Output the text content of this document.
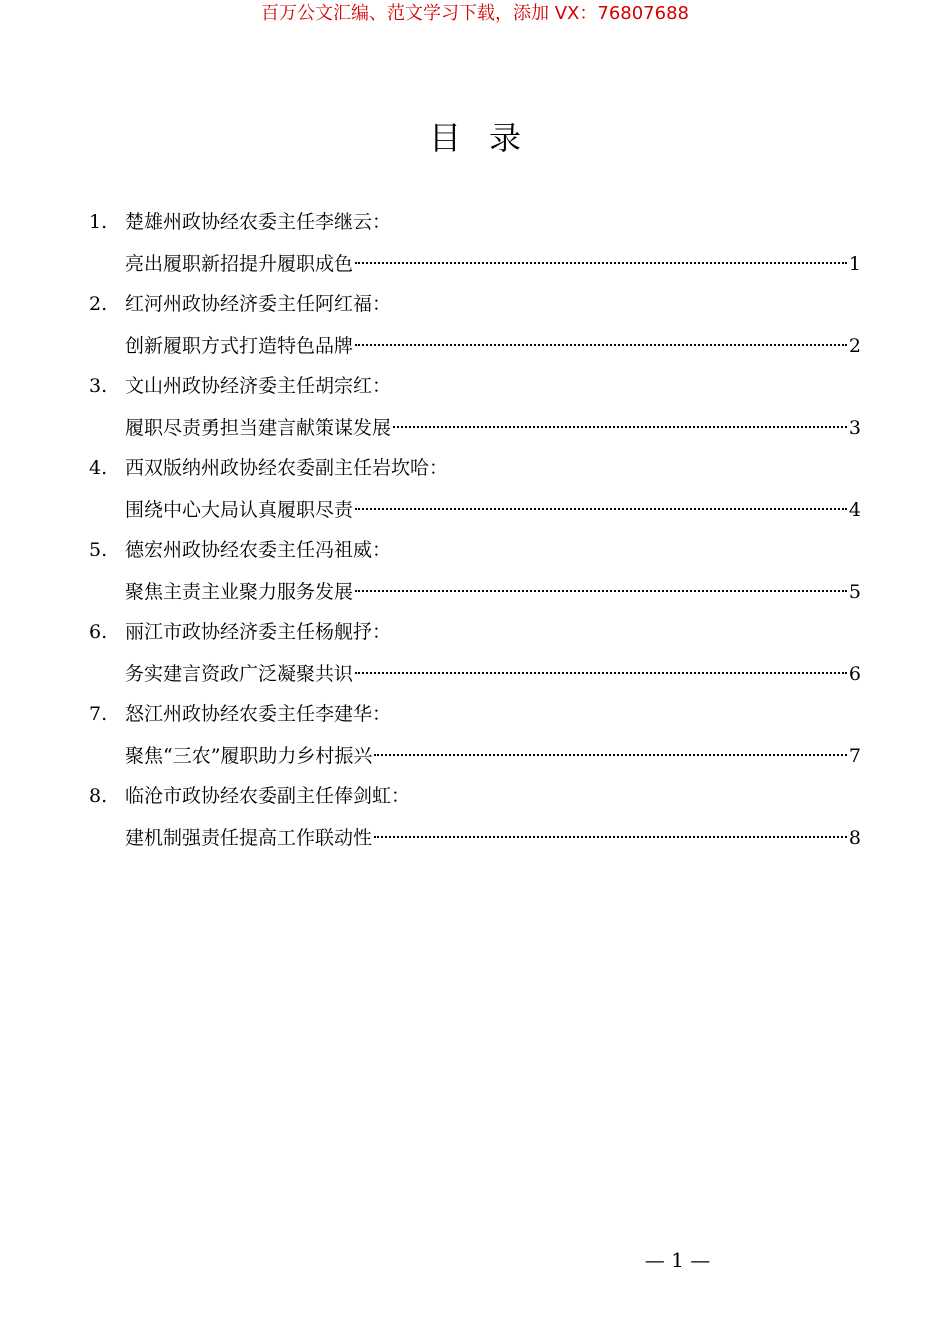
百万公文汇编、范文学习下载，添加 VX：76807688
目录
1. 楚雄州政协经农委主任李继云：
亮出履职新招提升履职成色	1
2. 红河州政协经济委主任阿红福：
创新履职方式打造特色品牌	2
3. 文山州政协经济委主任胡宗红：
履职尽责勇担当建言献策谋发展	3
4. 西双版纳州政协经农委副主任岩坎哈：
围绕中心大局认真履职尽责	4
5. 德宏州政协经农委主任冯祖威：
聚焦主责主业聚力服务发展	5
6. 丽江市政协经济委主任杨舰抒：
务实建言资政广泛凝聚共识	6
7. 怒江州政协经农委主任李建华：
聚焦“三农”履职助力乡村振兴	7
8. 临沧市政协经农委副主任俸剑虹：
建机制强责任提高工作联动性	8
— 1 —
